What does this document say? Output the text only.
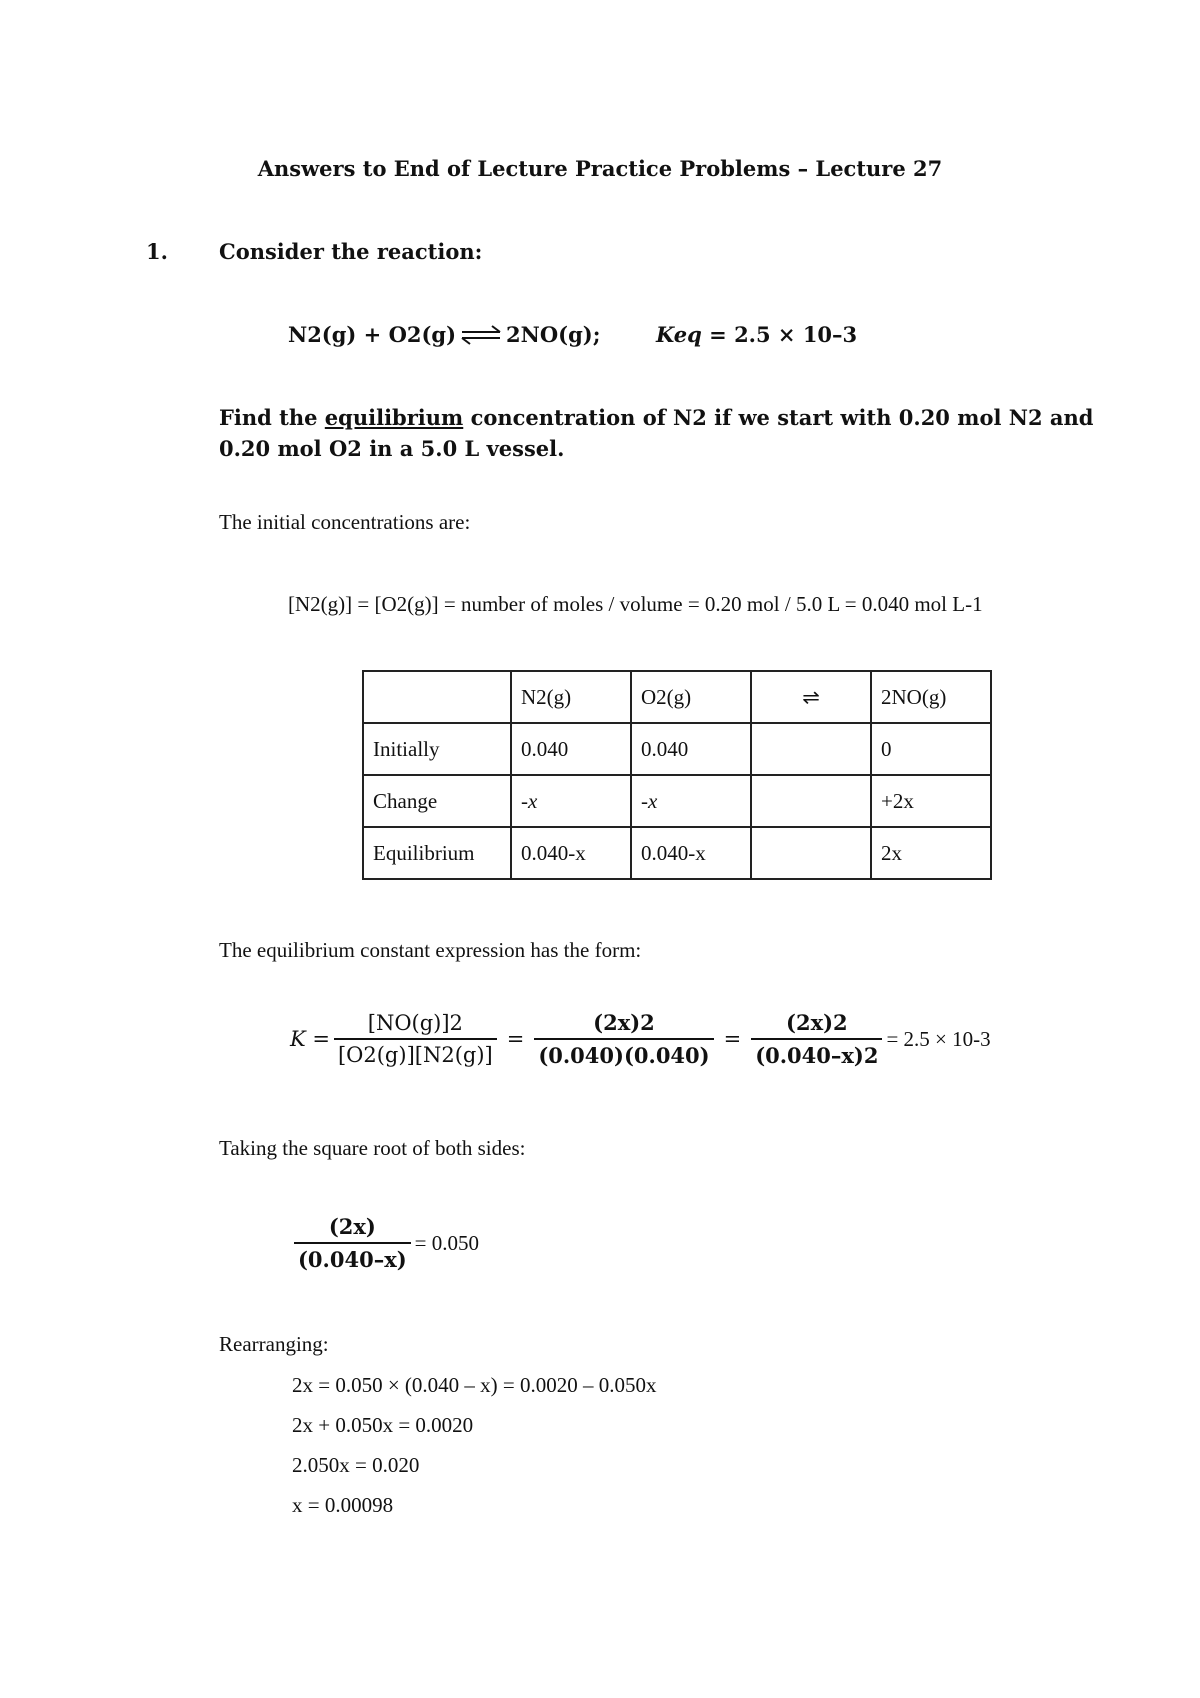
Answers to End of Lecture Practice Problems – Lecture 27
1. Consider the reaction:
N2(g) + O2(g) ⇌ 2NO(g);	Keq = 2.5 × 10–3
Find the equilibrium concentration of N2 if we start with 0.20 mol N2 and 0.20 mol O2 in a 5.0 L vessel.
The initial concentrations are:
[N2(g)] = [O2(g)] = number of moles / volume = 0.20 mol / 5.0 L = 0.040 mol L-1
	N2(g)	O2(g)	⇌	2NO(g)
Initially	0.040	0.040		0
Change	-x	-x		+2x
Equilibrium	0.040-x	0.040-x		2x
The equilibrium constant expression has the form:
$K = \frac{[NO(g)]2}{[O2(g)][N2(g)]} = \frac{(2x)2}{(0.040)(0.040)} = \frac{(2x)2}{(0.040-x)2} = 2.5 \times 10-3$
Taking the square root of both sides:
$\frac{(2x)}{(0.040-x)} = 0.050$
Rearranging:
2x = 0.050 × (0.040 – x) = 0.0020 – 0.050x
2x + 0.050x = 0.0020
2.050x = 0.020
x = 0.00098
